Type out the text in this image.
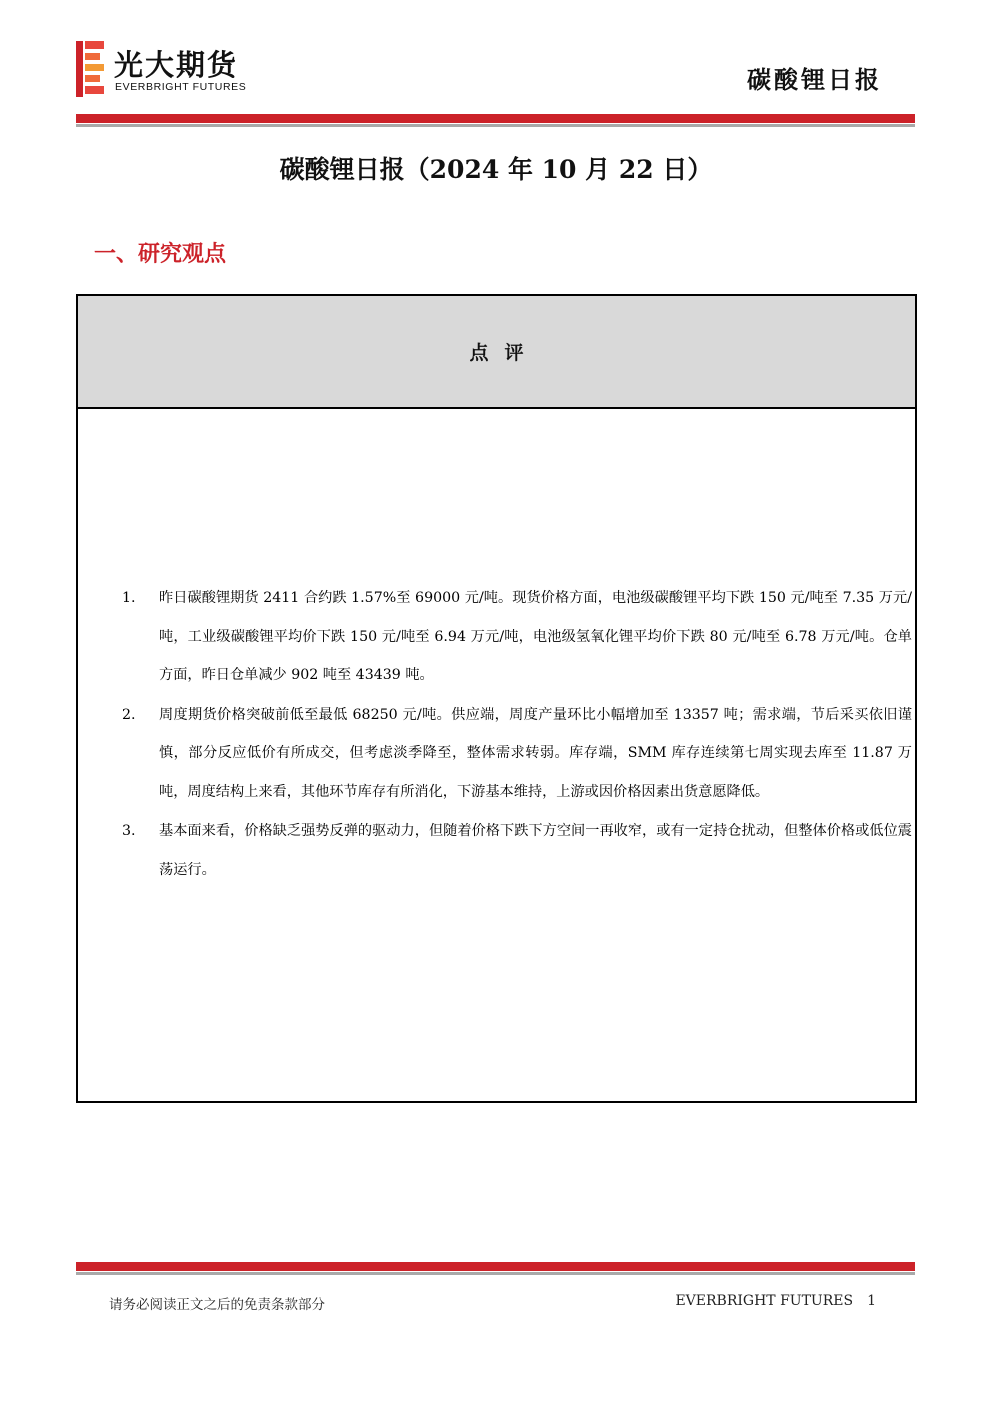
光大期货
EVERBRIGHT FUTURES	碳酸锂日报
碳酸锂日报（2024 年 10 月 22 日）
一、研究观点
点评
1. 昨日碳酸锂期货 2411 合约跌 1.57%至 69000 元/吨。现货价格方面，电池级碳酸锂平均下跌 150 元/吨至 7.35 万元/吨，工业级碳酸锂平均价下跌 150 元/吨至 6.94 万元/吨，电池级氢氧化锂平均价下跌 80 元/吨至 6.78 万元/吨。仓单方面，昨日仓单减少 902 吨至 43439 吨。
2. 周度期货价格突破前低至最低 68250 元/吨。供应端，周度产量环比小幅增加至 13357 吨；需求端，节后采买依旧谨慎，部分反应低价有所成交，但考虑淡季降至，整体需求转弱。库存端，SMM 库存连续第七周实现去库至 11.87 万吨，周度结构上来看，其他环节库存有所消化，下游基本维持，上游或因价格因素出货意愿降低。
3. 基本面来看，价格缺乏强势反弹的驱动力，但随着价格下跌下方空间一再收窄，或有一定持仓扰动，但整体价格或低位震荡运行。
请务必阅读正文之后的免责条款部分	EVERBRIGHT FUTURES 1
